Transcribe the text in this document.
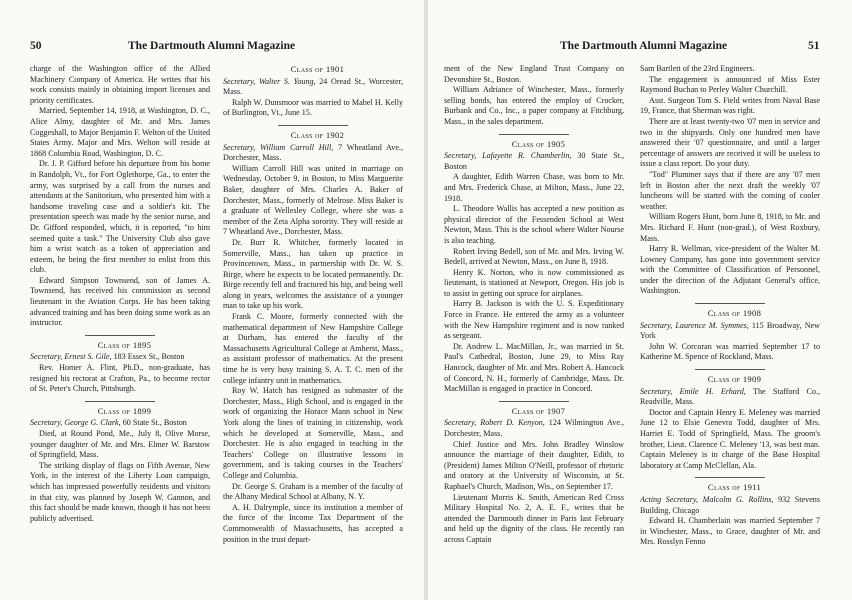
50	The Dartmouth Alumni Magazine

charge of the Washington office of the Allied Machinery Company of America. He writes that his work consists mainly in obtaining import licenses and priority certificates.

Married, September 14, 1918, at Washington, D. C., Alice Almy, daughter of Mr. and Mrs. James Coggeshall, to Major Benjamin F. Welton of the United States Army. Major and Mrs. Welton will reside at 1868 Columbia Road, Washington, D. C.

Dr. J. P. Gifford before his departure from his home in Randolph, Vt., for Fort Oglethorpe, Ga., to enter the army, was surprised by a call from the nurses and attendants at the Sanitorium, who presented him with a handsome traveling case and a soldier's kit. The presentation speech was made by the senior nurse, and Dr. Gifford responded, which, it is reported, "to him seemed quite a task." The University Club also gave him a wrist watch as a token of appreciation and esteem, he being the first member to enlist from this club.

Edward Simpson Townsend, son of James A. Townsend, has received his commission as second lieutenant in the Aviation Corps. He has been taking advanced training and has been doing some work as an instructor.

Class of 1895

Secretary, Ernest S. Gile, 183 Essex St., Boston

Rev. Homer A. Flint, Ph.D., non-graduate, has resigned his rectorat at Crafton, Pa., to become rector of St. Peter's Church, Pittsburgh.

Class of 1899

Secretary, George G. Clark, 60 State St., Boston

Died, at Round Pond, Me., July 8, Olive Morse, younger daughter of Mr. and Mrs. Elmer W. Barstow of Springfield, Mass.

The striking display of flags on Fifth Avenue, New York, in the interest of the Liberty Loan campaign, which has impressed powerfully residents and visitors in that city, was planned by Joseph W. Gannon, and this fact should be made known, though it has not been publicly advertised.

Class of 1901

Secretary, Walter S. Young, 24 Oread St., Worcester, Mass.

Ralph W. Dunsmoor was married to Mabel H. Kelly of Burlington, Vt., June 15.

Class of 1902

Secretary, William Carroll Hill, 7 Wheatland Ave., Dorchester, Mass.

William Carroll Hill was united in marriage on Wednesday, October 9, in Boston, to Miss Marguerite Baker, daughter of Mrs. Charles A. Baker of Dorchester, Mass., formerly of Melrose. Miss Baker is a graduate of Wellesley College, where she was a member of the Zeta Alpha sorority. They will reside at 7 Wheatland Ave., Dorchester, Mass.

Dr. Burr R. Whitcher, formerly located in Somerville, Mass., has taken up practice in Provincetown, Mass., in partnership with Dr. W. S. Birge, where he expects to be located permanently. Dr. Birge recently fell and fractured his hip, and being well along in years, welcomes the assistance of a younger man to take up his work.

Frank C. Moore, formerly connected with the mathematical department of New Hampshire College at Durham, has entered the faculty of the Massachusetts Agricultural College at Amherst, Mass., as assistant professor of mathematics. At the present time he is very busy training S. A. T. C. men of the college infantry unit in mathematics.

Roy W. Hatch has resigned as submaster of the Dorchester, Mass., High School, and is engaged in the work of organizing the Horace Mann school in New York along the lines of training in citizenship, work which he developed at Somerville, Mass., and Dorchester. He is also engaged in teaching in the Teachers' College on illustrative lessons in government, and is taking courses in the Teachers' College and Columbia.

Dr. George S. Graham is a member of the faculty of the Albany Medical School at Albany, N. Y.

A. H. Dalrymple, since its institution a member of the force of the Income Tax Department of the Commonwealth of Massachusetts, has accepted a position in the trust depart-

The Dartmouth Alumni Magazine	51

ment of the New England Trust Company on Devonshire St., Boston.

William Adriance of Winchester, Mass., formerly selling bonds, has entered the employ of Crocker, Burbank and Co., Inc., a paper company at Fitchburg, Mass., in the sales department.

Class of 1905

Secretary, Lafayette R. Chamberlin, 30 State St., Boston

A daughter, Edith Warren Chase, was born to Mr. and Mrs. Frederick Chase, at Milton, Mass., June 22, 1918.

L. Theodore Wallis has accepted a new position as physical director of the Fessenden School at West Newton, Mass. This is the school where Walter Nourse is also teaching.

Robert Irving Bedell, son of Mr. and Mrs. Irving W. Bedell, arrived at Newton, Mass., on June 8, 1918.

Henry K. Norton, who is now commissioned as lieutenant, is stationed at Newport, Oregon. His job is to assist in getting out spruce for airplanes.

Harry B. Jackson is with the U. S. Expeditionary Force in France. He entered the army as a volunteer with the New Hampshire regiment and is now ranked as sergeant.

Dr. Andrew L. MacMillan, Jr., was married in St. Paul's Cathedral, Boston, June 29, to Miss Ray Hancock, daughter of Mr. and Mrs. Robert A. Hancock of Concord, N. H., formerly of Cambridge, Mass. Dr. MacMillan is engaged in practice in Concord.

Class of 1907

Secretary, Robert D. Kenyon, 124 Wilmington Ave., Dorchester, Mass.

Chief Justice and Mrs. John Bradley Winslow announce the marriage of their daughter, Edith, to (President) James Milton O'Neill, professor of rhetoric and oratory at the University of Wisconsin, at St. Raphael's Church, Madison, Wis., on September 17.

Lieutenant Morris K. Smith, American Red Cross Military Hospital No. 2, A. E. F., writes that he attended the Dartmouth dinner in Paris last February and held up the dignity of the class. He recently ran across Captain

Sam Bartlett of the 23rd Engineers.

The engagement is announced of Miss Ester Raymond Buchan to Perley Walter Churchill.

Asst. Surgeon Tom S. Field writes from Naval Base 19, France, that Sherman was right.

There are at least twenty-two '07 men in service and two in the shipyards. Only one hundred men have answered their '07 questionnaire, and until a larger percentage of answers are received it will be useless to issue a class report. Do your duty.

"Tod" Plummer says that if there are any '07 men left in Boston after the next draft the weekly '07 luncheons will be started with the coming of cooler weather.

William Rogers Hunt, born June 8, 1918, to Mr. and Mrs. Richard F. Hunt (non-grad.), of West Roxbury, Mass.

Harry R. Wellman, vice-president of the Walter M. Lowney Company, has gone into government service with the Committee of Classification of Personnel, under the direction of the Adjutant General's office, Washington.

Class of 1908

Secretary, Laurence M. Symmes, 115 Broadway, New York

John W. Corcoran was married September 17 to Katherine M. Spence of Rockland, Mass.

Class of 1909

Secretary, Emile H. Erhard, The Stafford Co., Readville, Mass.

Doctor and Captain Henry E. Meleney was married June 12 to Elsie Genevra Todd, daughter of Mrs. Harriet E. Todd of Springfield, Mass. The groom's brother, Lieut. Clarence C. Meleney '13, was best man. Captain Meleney is in charge of the Base Hospital laboratory at Camp McClellan, Ala.

Class of 1911

Acting Secretary, Malcolm G. Rollins, 932 Stevens Building, Chicago

Edward H. Chamberlain was married September 7 in Winchester, Mass., to Grace, daughter of Mr. and Mrs. Rosslyn Fenno
